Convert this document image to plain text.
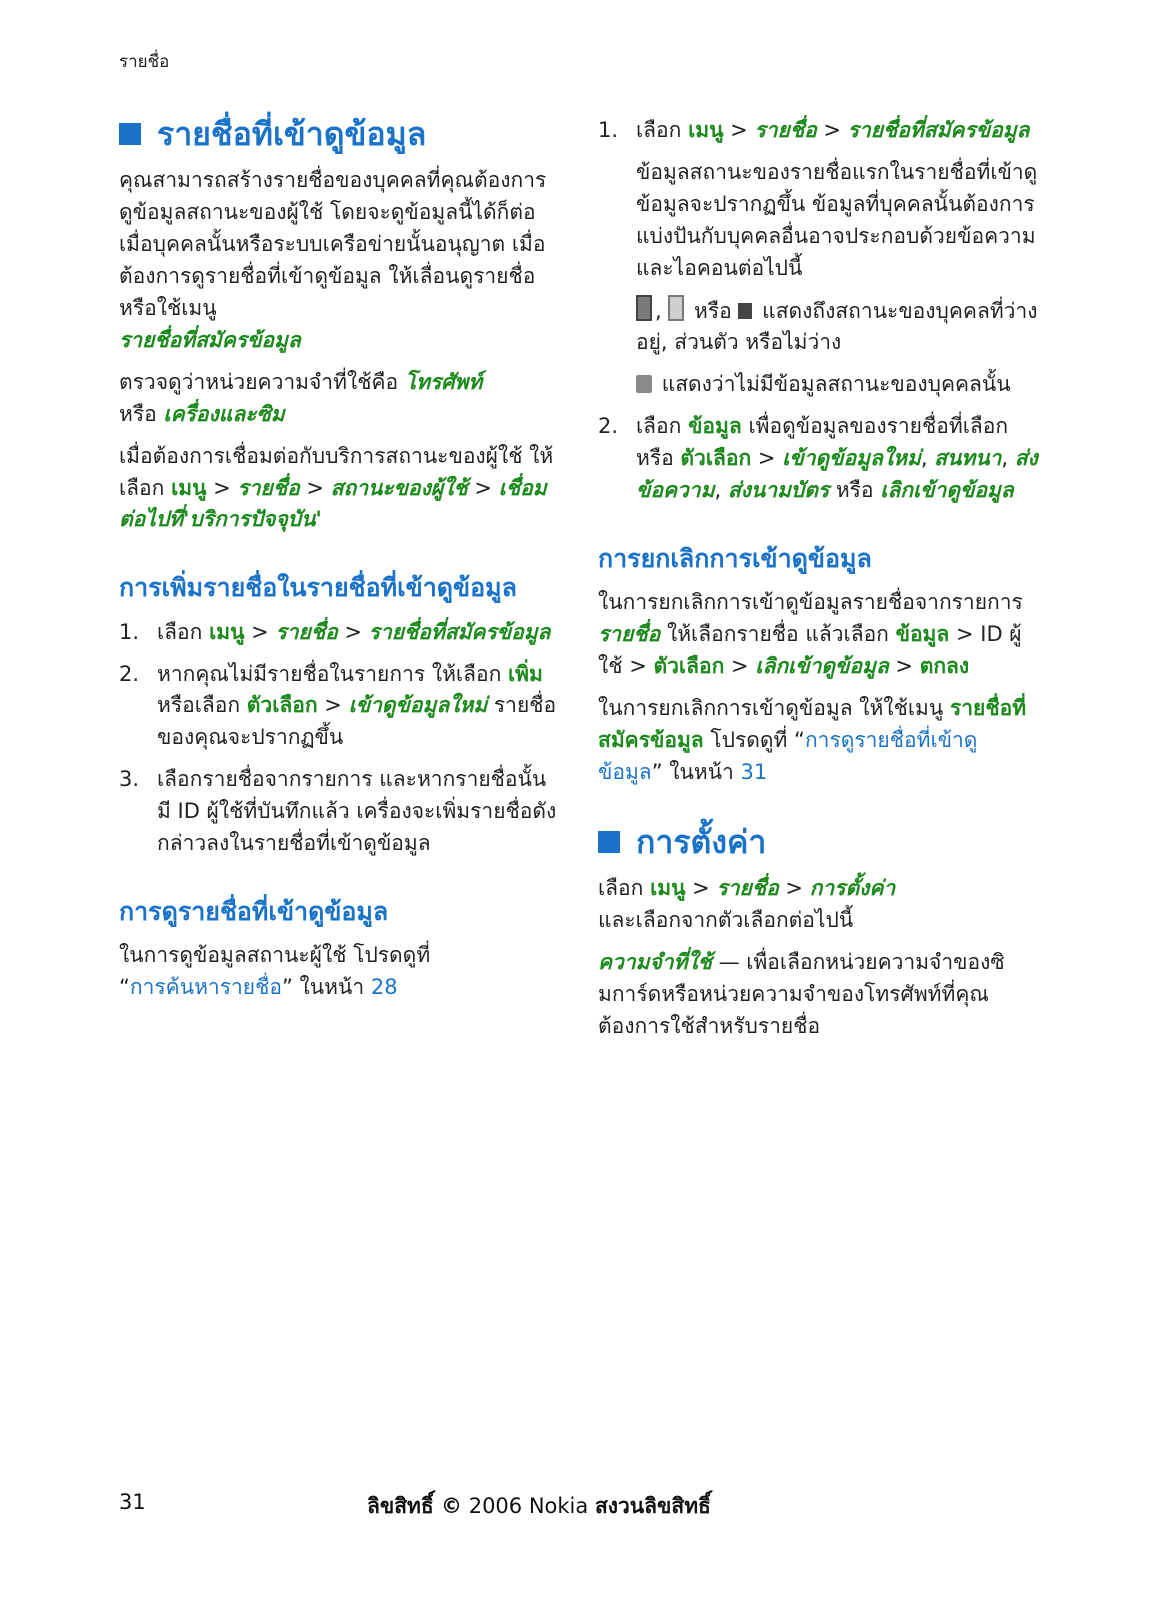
รายชื่อ
รายชื่อที่เข้าดูข้อมูล

คุณสามารถสร้างรายชื่อของบุคคลที่คุณต้องการดูข้อมูลสถานะของผู้ใช้ โดยจะดูข้อมูลนี้ได้ก็ต่อเมื่อบุคคลนั้นหรือระบบเครือข่ายนั้นอนุญาต เมื่อต้องการดูรายชื่อที่เข้าดูข้อมูล ให้เลื่อนดูรายชื่อหรือใช้เมนู
รายชื่อที่สมัครข้อมูล

ตรวจดูว่าหน่วยความจำที่ใช้คือ โทรศัพท์
หรือ เครื่องและซิม

เมื่อต้องการเชื่อมต่อกับบริการสถานะของผู้ใช้ ให้เลือก เมนู > รายชื่อ > สถานะของผู้ใช้ > เชื่อมต่อไปที่'บริการปัจจุบัน'

การเพิ่มรายชื่อในรายชื่อที่เข้าดูข้อมูล
1. เลือก เมนู > รายชื่อ > รายชื่อที่สมัครข้อมูล
2. หากคุณไม่มีรายชื่อในรายการ ให้เลือก เพิ่ม หรือเลือก ตัวเลือก > เข้าดูข้อมูลใหม่ รายชื่อของคุณจะปรากฏขึ้น
3. เลือกรายชื่อจากรายการ และหากรายชื่อนั้นมี ID ผู้ใช้ที่บันทึกแล้ว เครื่องจะเพิ่มรายชื่อดังกล่าวลงในรายชื่อที่เข้าดูข้อมูล
การดูรายชื่อที่เข้าดูข้อมูล

ในการดูข้อมูลสถานะผู้ใช้ โปรดดูที่
“การค้นหารายชื่อ” ในหน้า 28

1. เลือก เมนู > รายชื่อ > รายชื่อที่สมัครข้อมูล
ข้อมูลสถานะของรายชื่อแรกในรายชื่อที่เข้าดูข้อมูลจะปรากฏขึ้น ข้อมูลที่บุคคลนั้นต้องการแบ่งปันกับบุคคลอื่นอาจประกอบด้วยข้อความและไอคอนต่อไปนี้
,  หรือ แสดงถึงสถานะของบุคคลที่ว่างอยู่, ส่วนตัว หรือไม่ว่าง
แสดงว่าไม่มีข้อมูลสถานะของบุคคลนั้น
2. เลือก ข้อมูล เพื่อดูข้อมูลของรายชื่อที่เลือก หรือ ตัวเลือก > เข้าดูข้อมูลใหม่, สนทนา, ส่งข้อความ, ส่งนามบัตร หรือ เลิกเข้าดูข้อมูล
การยกเลิกการเข้าดูข้อมูล

ในการยกเลิกการเข้าดูข้อมูลรายชื่อจากรายการ รายชื่อ ให้เลือกรายชื่อ แล้วเลือก ข้อมูล > ID ผู้ใช้ > ตัวเลือก > เลิกเข้าดูข้อมูล > ตกลง

ในการยกเลิกการเข้าดูข้อมูล ให้ใช้เมนู รายชื่อที่สมัครข้อมูล โปรดดูที่ “การดูรายชื่อที่เข้าดูข้อมูล” ในหน้า 31

การตั้งค่า

เลือก เมนู > รายชื่อ > การตั้งค่า
และเลือกจากตัวเลือกต่อไปนี้

ความจำที่ใช้ — เพื่อเลือกหน่วยความจำของซิมการ์ดหรือหน่วยความจำของโทรศัพท์ที่คุณต้องการใช้สำหรับรายชื่อ

31	ลิขสิทธิ์ © 2006 Nokia สงวนลิขสิทธิ์
